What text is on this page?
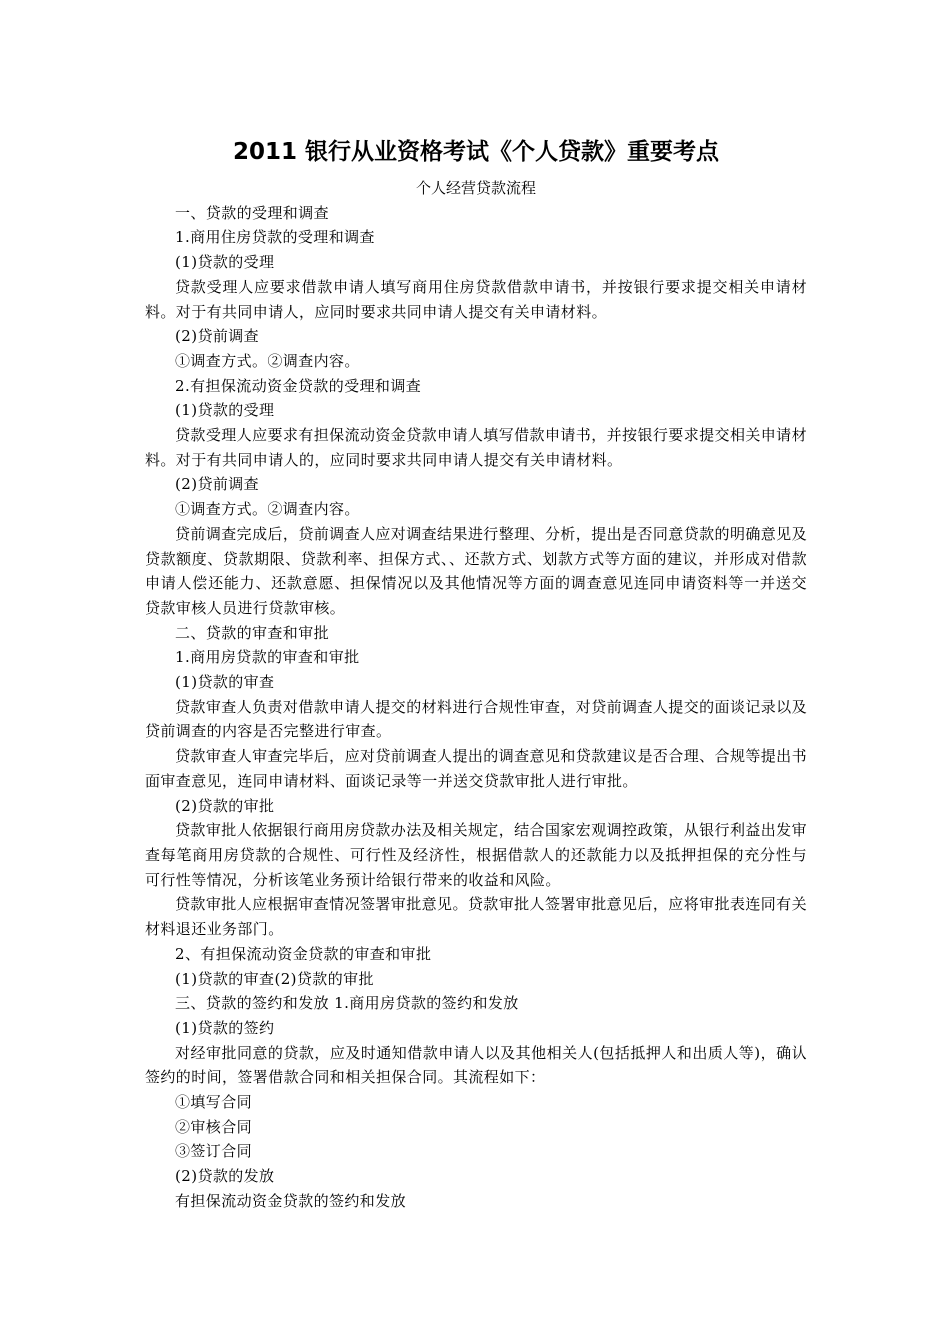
2011 银行从业资格考试《个人贷款》重要考点

个人经营贷款流程

一、贷款的受理和调查

1.商用住房贷款的受理和调查

(1)贷款的受理

贷款受理人应要求借款申请人填写商用住房贷款借款申请书，并按银行要求提交相关申请材料。对于有共同申请人，应同时要求共同申请人提交有关申请材料。

(2)贷前调查

①调查方式。②调查内容。

2.有担保流动资金贷款的受理和调查

(1)贷款的受理

贷款受理人应要求有担保流动资金贷款申请人填写借款申请书，并按银行要求提交相关申请材料。对于有共同申请人的，应同时要求共同申请人提交有关申请材料。

(2)贷前调查

①调查方式。②调查内容。

贷前调查完成后，贷前调查人应对调查结果进行整理、分析，提出是否同意贷款的明确意见及贷款额度、贷款期限、贷款利率、担保方式、、还款方式、划款方式等方面的建议，并形成对借款申请人偿还能力、还款意愿、担保情况以及其他情况等方面的调查意见连同申请资料等一并送交贷款审核人员进行贷款审核。

二、贷款的审查和审批

1.商用房贷款的审查和审批

(1)贷款的审查

贷款审查人负责对借款申请人提交的材料进行合规性审查，对贷前调查人提交的面谈记录以及贷前调查的内容是否完整进行审查。

贷款审查人审查完毕后，应对贷前调查人提出的调查意见和贷款建议是否合理、合规等提出书面审查意见，连同申请材料、面谈记录等一并送交贷款审批人进行审批。

(2)贷款的审批

贷款审批人依据银行商用房贷款办法及相关规定，结合国家宏观调控政策，从银行利益出发审查每笔商用房贷款的合规性、可行性及经济性，根据借款人的还款能力以及抵押担保的充分性与可行性等情况，分析该笔业务预计给银行带来的收益和风险。

贷款审批人应根据审查情况签署审批意见。贷款审批人签署审批意见后，应将审批表连同有关材料退还业务部门。

2、有担保流动资金贷款的审查和审批

(1)贷款的审查(2)贷款的审批

三、贷款的签约和发放 1.商用房贷款的签约和发放

(1)贷款的签约

对经审批同意的贷款，应及时通知借款申请人以及其他相关人(包括抵押人和出质人等)，确认签约的时间，签署借款合同和相关担保合同。其流程如下：

①填写合同

②审核合同

③签订合同

(2)贷款的发放

有担保流动资金贷款的签约和发放
